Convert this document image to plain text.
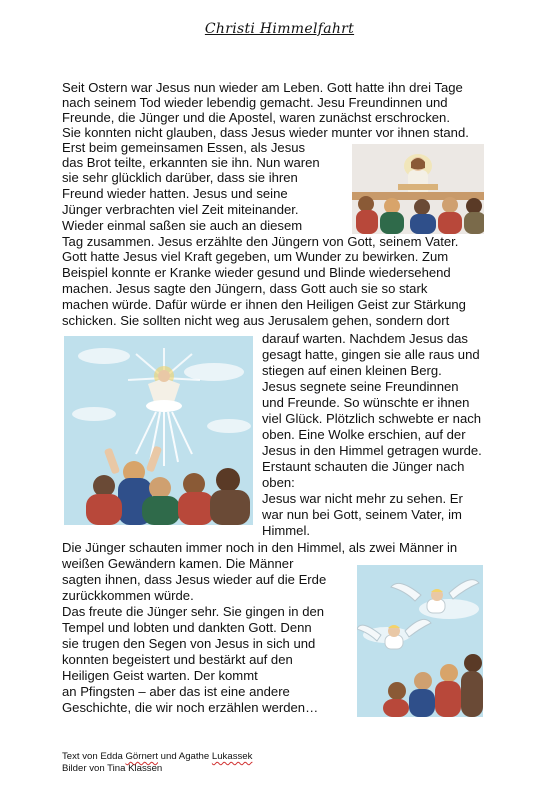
Christi Himmelfahrt
Seit Ostern war Jesus nun wieder am Leben. Gott hatte ihn drei Tage
nach seinem Tod wieder lebendig gemacht. Jesu Freundinnen und
Freunde, die Jünger und die Apostel, waren zunächst erschrocken.
Sie konnten nicht glauben, dass Jesus wieder munter vor ihnen stand.
Erst beim gemeinsamen Essen, als Jesus
das Brot teilte, erkannten sie ihn. Nun waren
sie sehr glücklich darüber, dass sie ihren
Freund wieder hatten. Jesus und seine
Jünger verbrachten viel Zeit miteinander.
Wieder einmal saßen sie auch an diesem
Tag zusammen. Jesus erzählte den Jüngern von Gott, seinem Vater.
Gott hatte Jesus viel Kraft gegeben, um Wunder zu bewirken. Zum
Beispiel konnte er Kranke wieder gesund und Blinde wiedersehend
machen. Jesus sagte den Jüngern, dass Gott auch sie so stark
machen würde. Dafür würde er ihnen den Heiligen Geist zur Stärkung
schicken. Sie sollten nicht weg aus Jerusalem gehen, sondern dort
darauf warten. Nachdem Jesus das
gesagt hatte, gingen sie alle raus und
stiegen auf einen kleinen Berg.
Jesus segnete seine Freundinnen
und Freunde. So wünschte er ihnen
viel Glück. Plötzlich schwebte er nach
oben. Eine Wolke erschien, auf der
Jesus in den Himmel getragen wurde.
Erstaunt schauten die Jünger nach
oben:
Jesus war nicht mehr zu sehen. Er
war nun bei Gott, seinem Vater, im
Himmel.
Die Jünger schauten immer noch in den Himmel, als zwei Männer in
weißen Gewändern kamen. Die Männer
sagten ihnen, dass Jesus wieder auf die Erde
zurückkommen würde.
Das freute die Jünger sehr. Sie gingen in den
Tempel und lobten und dankten Gott. Denn
sie trugen den Segen von Jesus in sich und
konnten begeistert und bestärkt auf den
Heiligen Geist warten. Der kommt
an Pfingsten – aber das ist eine andere
Geschichte, die wir noch erzählen werden…
Text von Edda Görnert und Agathe Lukassek
Bilder von Tina Klassen
